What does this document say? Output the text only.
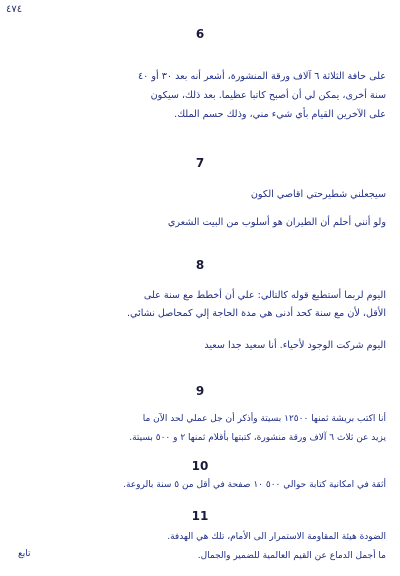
٤٧٤
6
على حافة الثلاثة ٦ آلاف ورقة المنشورة، أشعر أنه بعد ٣٠ أو ٤٠
سنة أخرى، يمكن لي أن أصبح كاتبا عظيما. بعد ذلك، سيكون
على الآخرين القيام بأي شيء مني، وذلك حسم الملك.
7
سيجعلني شطيرحتي اقاصي الكون
ولو أنني أحلم أن الطيران هو أسلوب من البيت الشعري
8
اليوم لربما أستطيع قوله كالتالي: علي أن أخطط مع سنة على
الأقل، لأن مع سنة كحد أدنى هي مدة الحاجة إلي كمحاصل نشائي.
اليوم شركت الوجود لأحياء. أنا سعيد جدا سعيد
9
أنا اكتب بريشة ثمنها ١٢٥٠٠ بسيتة وأذكر أن جل عملي لحد الآن ما
يزيد عن ثلاث ٦ آلاف ورقة منشورة، كتبتها بأقلام ثمنها ٢ و ٥٠٠ بسيتة.
10
أثقة في امكانية كتابة حوالي ٥٠٠ ١٠ صفحة في أقل من ٥ سنة بالروعة.
11
الضودة هيئة المقاومة الاستمرار الى الأمام، تلك هي الهدفة.
ما أجمل الدماع عن القيم العالمية للضمير والجمال.
تابع
